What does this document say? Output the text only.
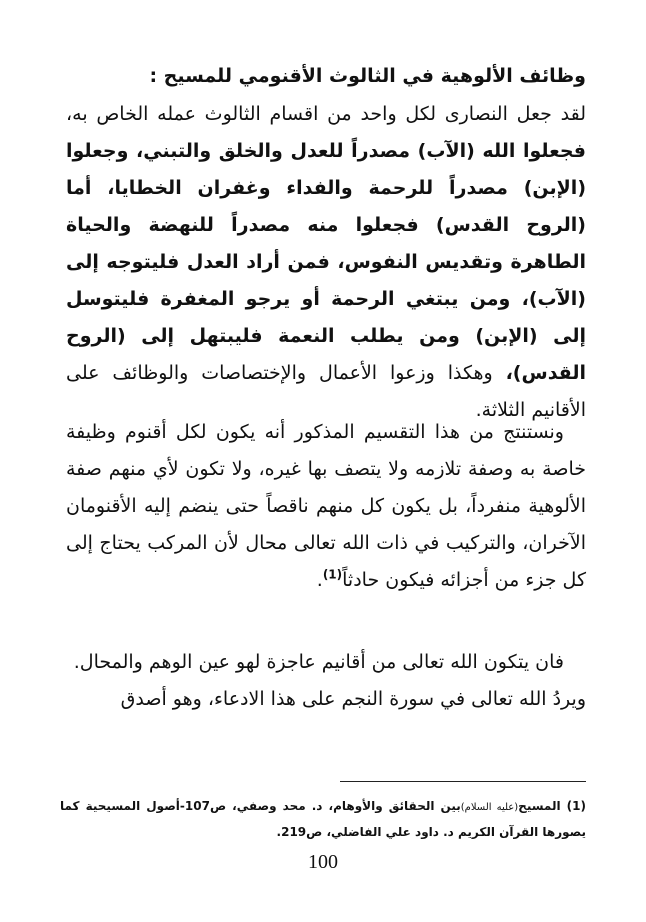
وظائف الألوهية في الثالوث الأقنومي للمسيح :
لقد جعل النصارى لكل واحد من اقسام الثالوث عمله الخاص به، فجعلوا الله (الآب) مصدراً للعدل والخلق والتبني، وجعلوا (الإبن) مصدراً للرحمة والفداء وغفران الخطايا، أما (الروح القدس) فجعلوا منه مصدراً للنهضة والحياة الطاهرة وتقديس النفوس، فمن أراد العدل فليتوجه إلى (الآب)، ومن يبتغي الرحمة أو يرجو المغفرة فليتوسل إلى (الإبن) ومن يطلب النعمة فليبتهل إلى (الروح القدس)، وهكذا وزعوا الأعمال والإختصاصات والوظائف على الأقانيم الثلاثة.
ونستنتج من هذا التقسيم المذكور أنه يكون لكل أقنوم وظيفة خاصة به وصفة تلازمه ولا يتصف بها غيره، ولا تكون لأي منهم صفة الألوهية منفرداً، بل يكون كل منهم ناقصاً حتى ينضم إليه الأقنومان الآخران، والتركيب في ذات الله تعالى محال لأن المركب يحتاج إلى كل جزء من أجزائه فيكون حادثاً$^{(1)}$.
فان يتكون الله تعالى من أقانيم عاجزة لهو عين الوهم والمحال.
ويردُ الله تعالى في سورة النجم على هذا الادعاء، وهو أصدق
(1) المسيح(عليه السلام)بين الحقائق والأوهام، د. محد وصفي، ص107-أصول المسيحية كما يصورها القرآن الكريم د. داود علي الفاضلي، ص219.
100
